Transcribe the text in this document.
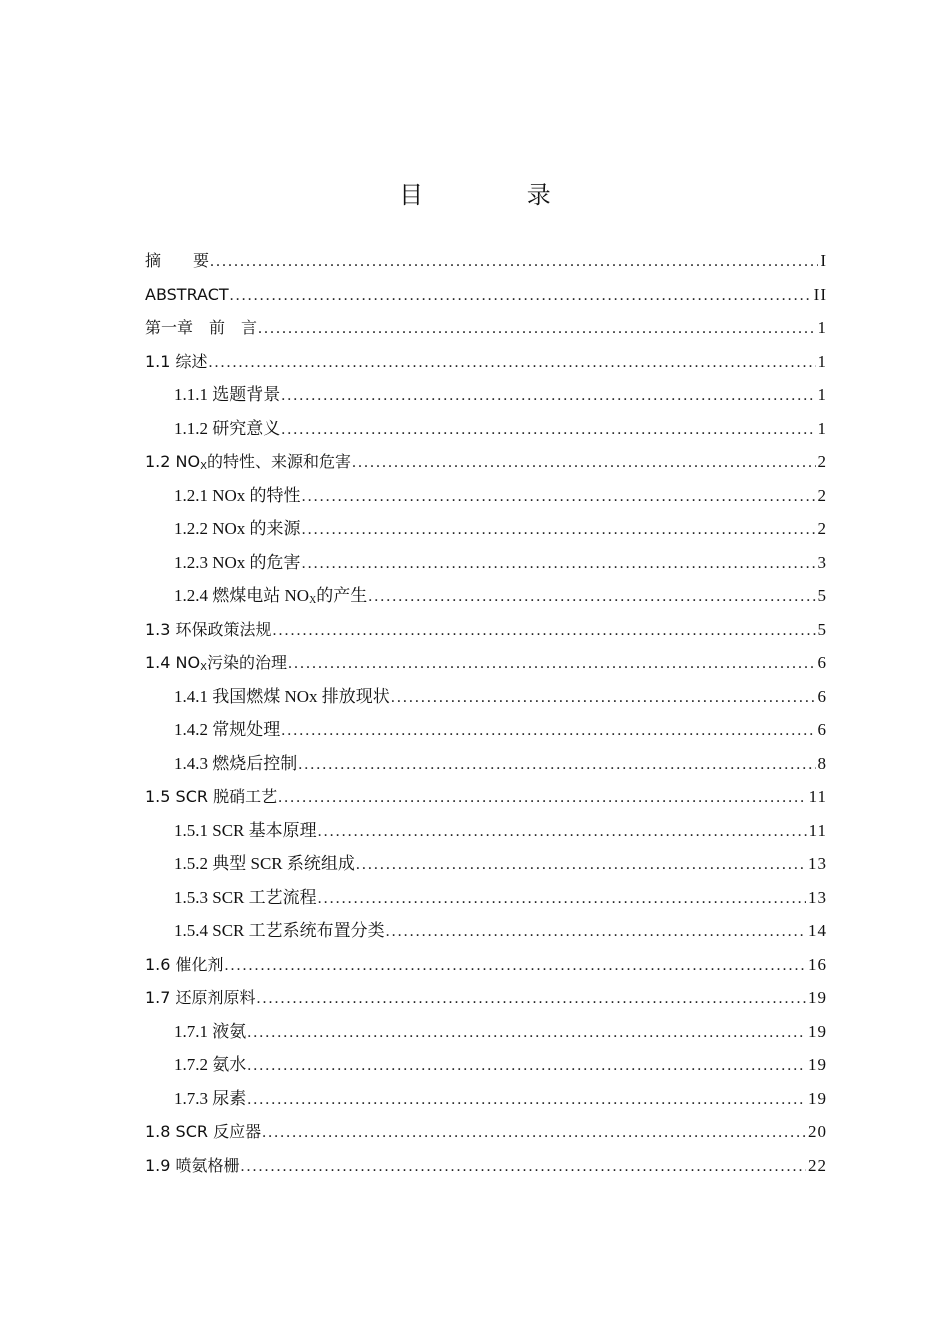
目 录
摘　　要 .....	I
ABSTRACT .....	II
第一章　前　言 .....	1
1.1 综述 .....	1
1.1.1 选题背景 .....	1
1.1.2 研究意义 .....	1
1.2 $NO_X$的特性、来源和危害 .....	2
1.2.1 NOx 的特性 .....	2
1.2.2 NOx 的来源 .....	2
1.2.3 NOx 的危害 .....	3
1.2.4 燃煤电站 $NO_X$的产生 .....	5
1.3 环保政策法规 .....	5
1.4 $NO_X$污染的治理 .....	6
1.4.1 我国燃煤 NOx 排放现状 .....	6
1.4.2 常规处理 .....	6
1.4.3 燃烧后控制 .....	8
1.5 SCR 脱硝工艺 .....	11
1.5.1 SCR 基本原理 .....	11
1.5.2 典型 SCR 系统组成 .....	13
1.5.3 SCR 工艺流程 .....	13
1.5.4 SCR 工艺系统布置分类 .....	14
1.6 催化剂 .....	16
1.7 还原剂原料 .....	19
1.7.1 液氨 .....	19
1.7.2 氨水 .....	19
1.7.3 尿素 .....	19
1.8 SCR 反应器 .....	20
1.9 喷氨格栅 .....	22
